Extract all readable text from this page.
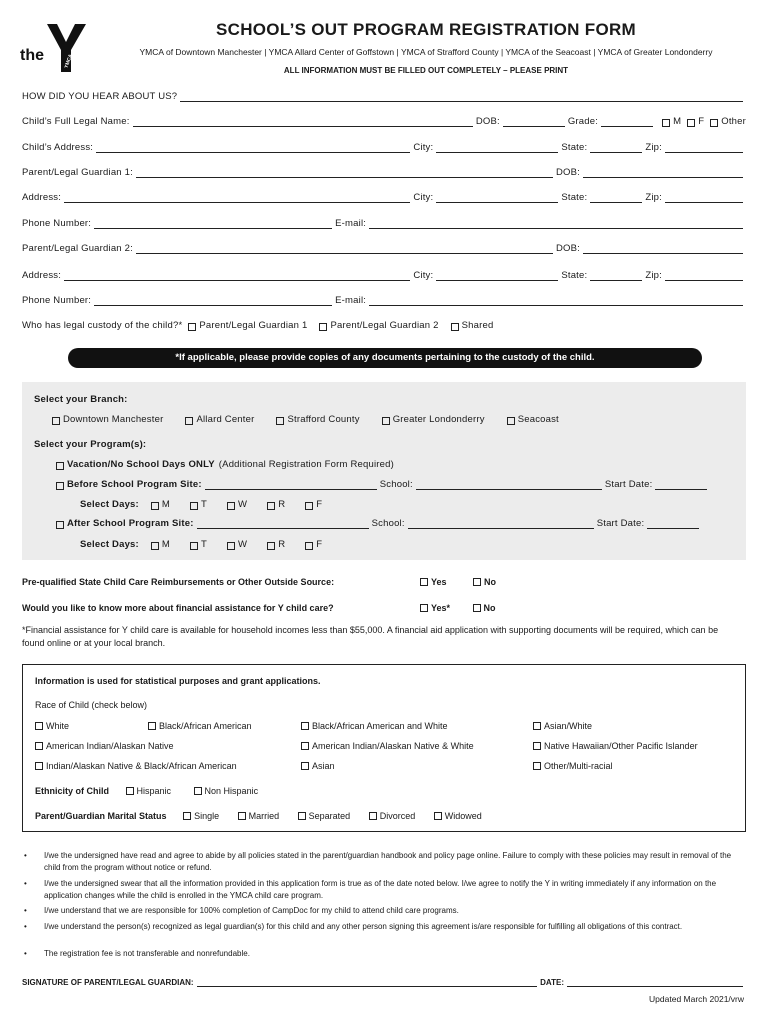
the	YMCA
SCHOOL’S OUT PROGRAM REGISTRATION FORM
YMCA of Downtown Manchester | YMCA Allard Center of Goffstown | YMCA of Strafford County | YMCA of the Seacoast | YMCA of Greater Londonderry
ALL INFORMATION MUST BE FILLED OUT COMPLETELY – PLEASE PRINT
HOW DID YOU HEAR ABOUT US?
Child’s Full Legal Name:	DOB:	Grade:	M F Other
Child’s Address:	City:	State:	Zip:
Parent/Legal Guardian 1:	DOB:
Address:	City:	State:	Zip:
Phone Number:	E-mail:
Parent/Legal Guardian 2:	DOB:
Address:	City:	State:	Zip:
Phone Number:	E-mail:
Who has legal custody of the child?* Parent/Legal Guardian 1 Parent/Legal Guardian 2 Shared
*If applicable, please provide copies of any documents pertaining to the custody of the child.
Select your Branch:
Downtown Manchester	Allard Center	Strafford County	Greater Londonderry	Seacoast
Select your Program(s):
Vacation/No School Days ONLY (Additional Registration Form Required)
Before School Program Site:	School:	Start Date:
Select Days: M	T	W	R	F
After School Program Site:	School:	Start Date:
Select Days: M	T	W	R	F
Pre-qualified State Child Care Reimbursements or Other Outside Source:	Yes	No
Would you like to know more about financial assistance for Y child care?	Yes*	No
*Financial assistance for Y child care is available for household incomes less than $55,000. A financial aid application with supporting documents will be required, which can be found online or at your local branch.
Information is used for statistical purposes and grant applications.
Race of Child (check below)
White	Black/African American	Black/African American and White	Asian/White
American Indian/Alaskan Native	American Indian/Alaskan Native & White	Native Hawaiian/Other Pacific Islander
Indian/Alaskan Native & Black/African American	Asian	Other/Multi-racial
Ethnicity of Child	Hispanic	Non Hispanic
Parent/Guardian Marital Status	Single	Married	Separated	Divorced	Widowed
•	I/we the undersigned have read and agree to abide by all policies stated in the parent/guardian handbook and policy page online. Failure to comply with these policies may result in removal of the child from the program without notice or refund.
•	I/we the undersigned swear that all the information provided in this application form is true as of the date noted below. I/we agree to notify the Y in writing immediately if any information on the application changes while the child is enrolled in the YMCA child care program.
•	I/we understand that we are responsible for 100% completion of CampDoc for my child to attend child care programs.
•	I/we understand the person(s) recognized as legal guardian(s) for this child and any other person signing this agreement is/are responsible for fulfilling all obligations of this contract.
•	The registration fee is not transferable and nonrefundable.
SIGNATURE OF PARENT/LEGAL GUARDIAN:	DATE:
Updated March 2021/vrw
